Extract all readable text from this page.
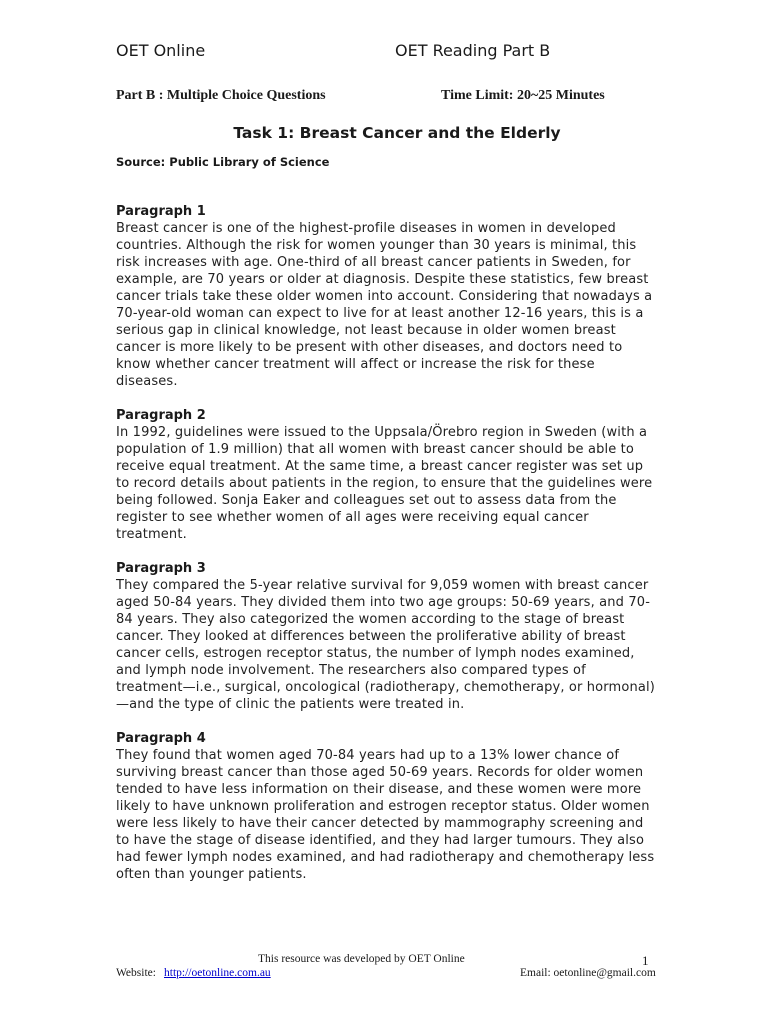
OET Online	OET Reading Part B
Part B : Multiple Choice Questions	Time Limit: 20~25 Minutes
Task 1: Breast Cancer and the Elderly
Source: Public Library of Science

Paragraph 1

Breast cancer is one of the highest-profile diseases in women in developed countries. Although the risk for women younger than 30 years is minimal, this risk increases with age. One-third of all breast cancer patients in Sweden, for example, are 70 years or older at diagnosis. Despite these statistics, few breast cancer trials take these older women into account. Considering that nowadays a 70-year-old woman can expect to live for at least another 12-16 years, this is a serious gap in clinical knowledge, not least because in older women breast cancer is more likely to be present with other diseases, and doctors need to know whether cancer treatment will affect or increase the risk for these diseases.

Paragraph 2

In 1992, guidelines were issued to the Uppsala/Örebro region in Sweden (with a population of 1.9 million) that all women with breast cancer should be able to receive equal treatment. At the same time, a breast cancer register was set up to record details about patients in the region, to ensure that the guidelines were being followed. Sonja Eaker and colleagues set out to assess data from the register to see whether women of all ages were receiving equal cancer treatment.

Paragraph 3

They compared the 5-year relative survival for 9,059 women with breast cancer aged 50-84 years. They divided them into two age groups: 50-69 years, and 70-84 years. They also categorized the women according to the stage of breast cancer. They looked at differences between the proliferative ability of breast cancer cells, estrogen receptor status, the number of lymph nodes examined, and lymph node involvement. The researchers also compared types of treatment—i.e., surgical, oncological (radiotherapy, chemotherapy, or hormonal)—and the type of clinic the patients were treated in.

Paragraph 4

They found that women aged 70-84 years had up to a 13% lower chance of surviving breast cancer than those aged 50-69 years. Records for older women tended to have less information on their disease, and these women were more likely to have unknown proliferation and estrogen receptor status. Older women were less likely to have their cancer detected by mammography screening and to have the stage of disease identified, and they had larger tumours. They also had fewer lymph nodes examined, and had radiotherapy and chemotherapy less often than younger patients.

This resource was developed by OET Online	1
Website: http://oetonline.com.au	Email: oetonline@gmail.com
